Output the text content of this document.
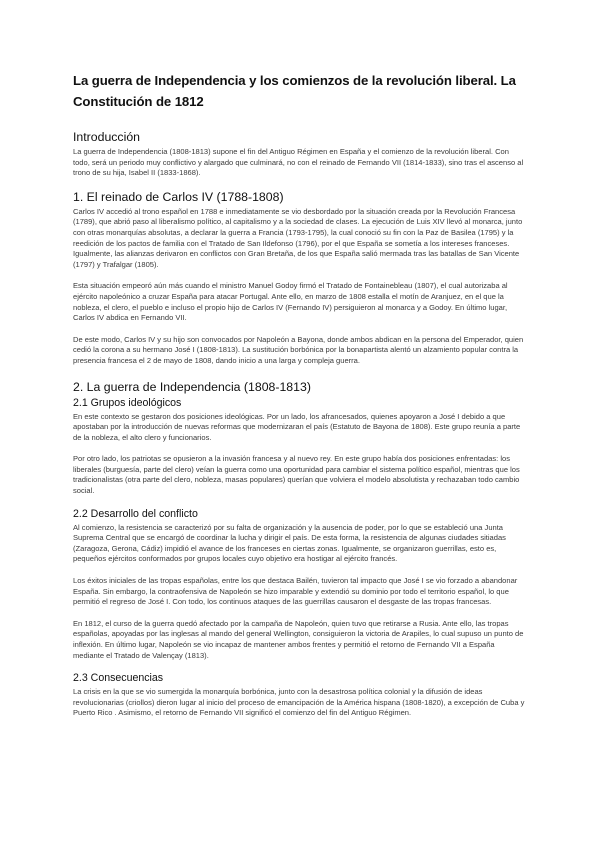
La guerra de Independencia y los comienzos de la revolución liberal. La Constitución de 1812
Introducción

La guerra de Independencia (1808-1813) supone el fin del Antiguo Régimen en España y el comienzo de la revolución liberal. Con todo, será un periodo muy conflictivo y alargado que culminará, no con el reinado de Fernando VII (1814-1833), sino tras el ascenso al trono de su hija, Isabel II (1833-1868).

1. El reinado de Carlos IV (1788-1808)

Carlos IV accedió al trono español en 1788 e inmediatamente se vio desbordado por la situación creada por la Revolución Francesa (1789), que abrió paso al liberalismo político, al capitalismo y a la sociedad de clases. La ejecución de Luis XIV llevó al monarca, junto con otras monarquías absolutas, a declarar la guerra a Francia (1793-1795), la cual conoció su fin con la Paz de Basilea (1795) y la reedición de los pactos de familia con el Tratado de San Ildefonso (1796), por el que España se sometía a los intereses franceses. Igualmente, las alianzas derivaron en conflictos con Gran Bretaña, de los que España salió mermada tras las batallas de San Vicente (1797) y Trafalgar (1805).

Esta situación empeoró aún más cuando el ministro Manuel Godoy firmó el Tratado de Fontainebleau (1807), el cual autorizaba al ejército napoleónico a cruzar España para atacar Portugal. Ante ello, en marzo de 1808 estalla el motín de Aranjuez, en el que la nobleza, el clero, el pueblo e incluso el propio hijo de Carlos IV (Fernando IV) persiguieron al monarca y a Godoy. En último lugar, Carlos IV abdica en Fernando VII.

De este modo, Carlos IV y su hijo son convocados por Napoleón a Bayona, donde ambos abdican en la persona del Emperador, quien cedió la corona a su hermano José I (1808-1813). La sustitución borbónica por la bonapartista alentó un alzamiento popular contra la presencia francesa el 2 de mayo de 1808, dando inicio a una larga y compleja guerra.

2. La guerra de Independencia (1808-1813)
2.1 Grupos ideológicos

En este contexto se gestaron dos posiciones ideológicas. Por un lado, los afrancesados, quienes apoyaron a José I debido a que apostaban por la introducción de nuevas reformas que modernizaran el país (Estatuto de Bayona de 1808). Este grupo reunía a parte de la nobleza, el alto clero y funcionarios.

Por otro lado, los patriotas se opusieron a la invasión francesa y al nuevo rey. En este grupo había dos posiciones enfrentadas: los liberales (burguesía, parte del clero) veían la guerra como una oportunidad para cambiar el sistema político español, mientras que los tradicionalistas (otra parte del clero, nobleza, masas populares) querían que volviera el modelo absolutista y rechazaban todo cambio social.

2.2 Desarrollo del conflicto

Al comienzo, la resistencia se caracterizó por su falta de organización y la ausencia de poder, por lo que se estableció una Junta Suprema Central que se encargó de coordinar la lucha y dirigir el país. De esta forma, la resistencia de algunas ciudades sitiadas (Zaragoza, Gerona, Cádiz) impidió el avance de los franceses en ciertas zonas. Igualmente, se organizaron guerrillas, esto es, pequeños ejércitos conformados por grupos locales cuyo objetivo era hostigar al ejército francés.

Los éxitos iniciales de las tropas españolas, entre los que destaca Bailén, tuvieron tal impacto que José I se vio forzado a abandonar España. Sin embargo, la contraofensiva de Napoleón se hizo imparable y extendió su dominio por todo el territorio español, lo que permitió el regreso de José I. Con todo, los continuos ataques de las guerrillas causaron el desgaste de las tropas francesas.

En 1812, el curso de la guerra quedó afectado por la campaña de Napoleón, quien tuvo que retirarse a Rusia. Ante ello, las tropas españolas, apoyadas por las inglesas al mando del general Wellington, consiguieron la victoria de Arapiles, lo cual supuso un punto de inflexión. En último lugar, Napoleón se vio incapaz de mantener ambos frentes y permitió el retorno de Fernando VII a España mediante el Tratado de Valençay (1813).

2.3 Consecuencias

La crisis en la que se vio sumergida la monarquía borbónica, junto con la desastrosa política colonial y la difusión de ideas revolucionarias (criollos) dieron lugar al inicio del proceso de emancipación de la América hispana (1808-1820), a excepción de Cuba y Puerto Rico . Asimismo, el retorno de Fernando VII significó el comienzo del fin del Antiguo Régimen.
